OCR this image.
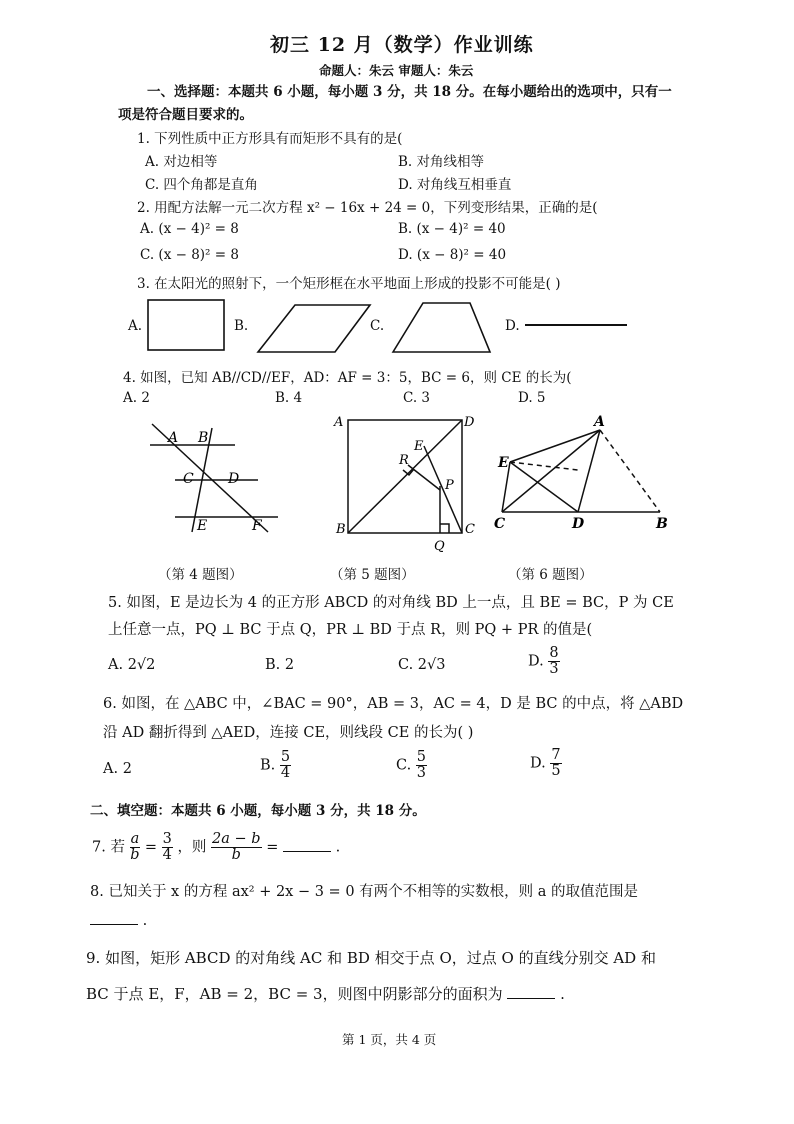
初三 12 月（数学）作业训练
命题人：朱云 审题人：朱云
一、选择题：本题共 6 小题，每小题 3 分，共 18 分。在每小题给出的选项中，只有一
项是符合题目要求的。
1. 下列性质中正方形具有而矩形不具有的是(
A. 对边相等	B. 对角线相等
C. 四个角都是直角	D. 对角线互相垂直
2. 用配方法解一元二次方程 x² − 16x + 24 = 0，下列变形结果，正确的是(
A. (x − 4)² = 8	B. (x − 4)² = 40
C. (x − 8)² = 8	D. (x − 8)² = 40
3. 在太阳光的照射下，一个矩形框在水平地面上形成的投影不可能是( )
A.	B.	C.	D.
4. 如图，已知 AB//CD//EF，AD：AF = 3：5，BC = 6，则 CE 的长为(
A. 2	B. 4	C. 3	D. 5
A B
C D
E	F
A	D
B	C
E
R
P
Q
A
E
C	D	B
（第 4 题图）	（第 5 题图）	（第 6 题图）
5. 如图，E 是边长为 4 的正方形 ABCD 的对角线 BD 上一点，且 BE = BC，P 为 CE
上任意一点，PQ ⊥ BC 于点 Q，PR ⊥ BD 于点 R，则 PQ + PR 的值是(
A. 2√2	B. 2	C. 2√3	D. $\frac{8}{3}$
6. 如图，在 △ABC 中，∠BAC = 90°，AB = 3，AC = 4，D 是 BC 的中点，将 △ABD
沿 AD 翻折得到 △AED，连接 CE，则线段 CE 的长为( )
A. 2	B. $\frac{5}{4}$	C. $\frac{5}{3}$	D. $\frac{7}{5}$
二、填空题：本题共 6 小题，每小题 3 分，共 18 分。
7. 若 $\frac{a}{b} = \frac{3}{4}$ ，则 $\frac{2a - b}{b}$ =	.
8. 已知关于 x 的方程 ax² + 2x − 3 = 0 有两个不相等的实数根，则 a 的取值范围是
.
9. 如图，矩形 ABCD 的对角线 AC 和 BD 相交于点 O，过点 O 的直线分别交 AD 和
BC 于点 E，F，AB = 2，BC = 3，则图中阴影部分的面积为	.
第 1 页，共 4 页
